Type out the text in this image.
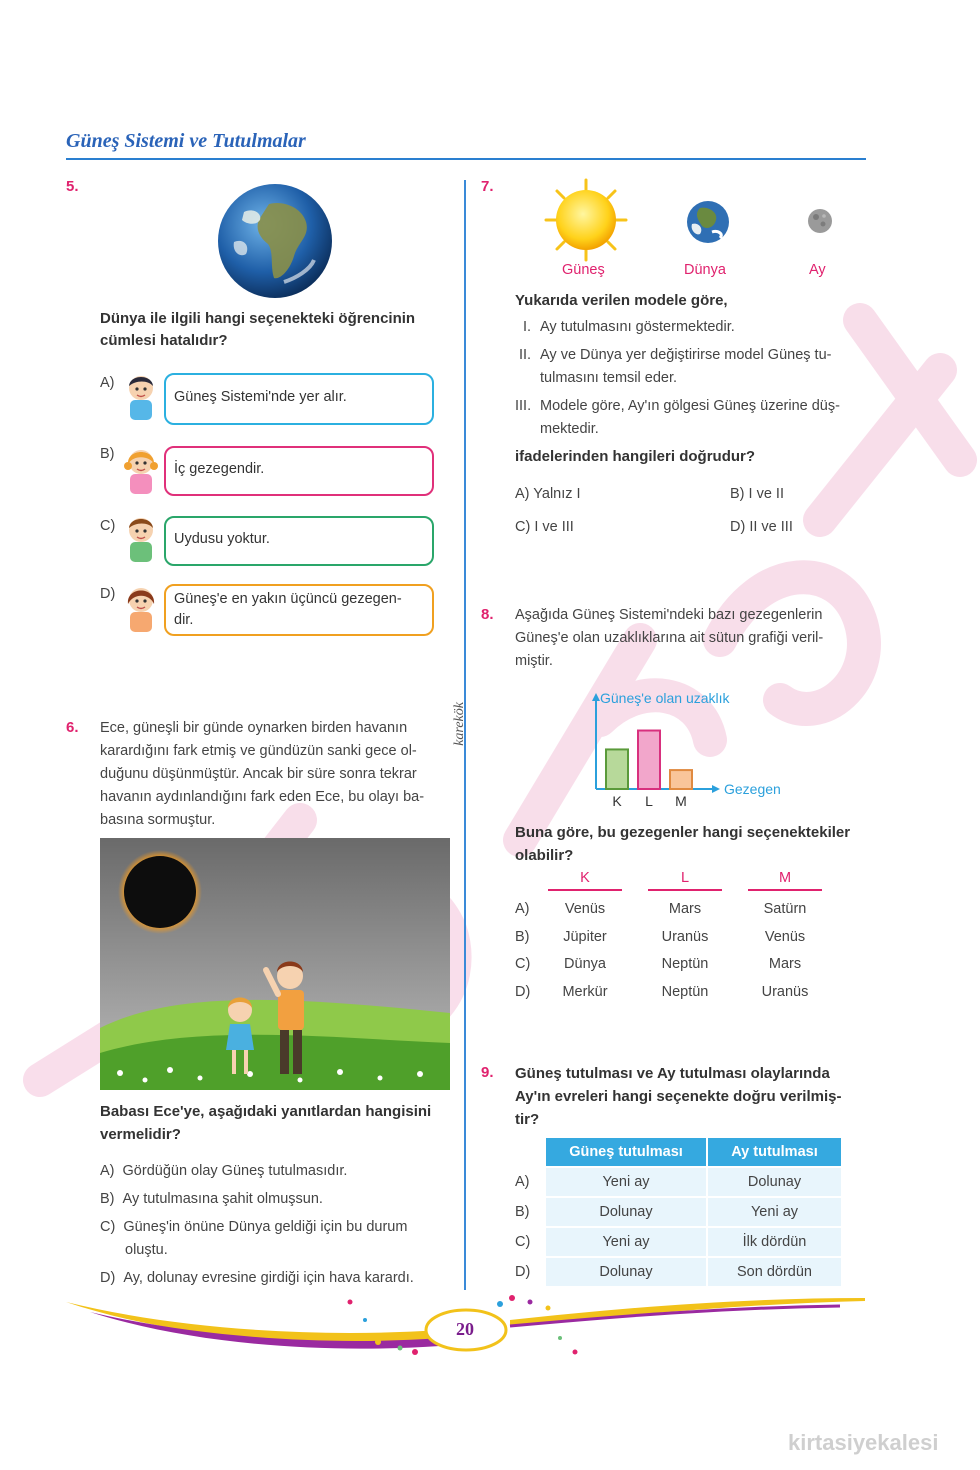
Güneş Sistemi ve Tutulmalar
karekök
5.
Dünya ile ilgili hangi seçenekteki öğrencinin
cümlesi hatalıdır?
A)
Güneş Sistemi'nde yer alır.
B)
İç gezegendir.
C)
Uydusu yoktur.
D)	Güneş'e en yakın üçüncü gezegen-
dir.
6. Ece, güneşli bir günde oynarken birden havanın
karardığını fark etmiş ve gündüzün sanki gece ol-
duğunu düşünmüştür. Ancak bir süre sonra tekrar
havanın aydınlandığını fark eden Ece, bu olayı ba-
basına sormuştur.
Babası Ece'ye, aşağıdaki yanıtlardan hangisini
vermelidir?
A) Gördüğün olay Güneş tutulmasıdır.
B) Ay tutulmasına şahit olmuşsun.
C) Güneş'in önüne Dünya geldiği için bu durum
oluştu.
D) Ay, dolunay evresine girdiği için hava karardı.
7.
Güneş	Dünya	Ay
Yukarıda verilen modele göre,
I. Ay tutulmasını göstermektedir.
II. Ay ve Dünya yer değiştirirse model Güneş tu-
tulmasını temsil eder.
III. Modele göre, Ay'ın gölgesi Güneş üzerine düş-
mektedir.
ifadelerinden hangileri doğrudur?
A) Yalnız I	B) I ve II
C) I ve III	D) II ve III
8. Aşağıda Güneş Sistemi'ndeki bazı gezegenlerin
Güneş'e olan uzaklıklarına ait sütun grafiği veril-
miştir.
Güneş'e olan uzaklık
Gezegen
K L M
Buna göre, bu gezegenler hangi seçenektekiler
olabilir?
K	L	M
A)	Venüs	Mars	Satürn
B)	Jüpiter	Uranüs	Venüs
C)	Dünya	Neptün	Mars
D)	Merkür	Neptün	Uranüs
9. Güneş tutulması ve Ay tutulması olaylarında
Ay'ın evreleri hangi seçenekte doğru verilmiş-
tir?
Güneş tutulması	Ay tutulması
A)	Yeni ay	Dolunay
B)	Dolunay	Yeni ay
C)	Yeni ay	İlk dördün
D)	Dolunay	Son dördün
20
kirtasiyekalesi
